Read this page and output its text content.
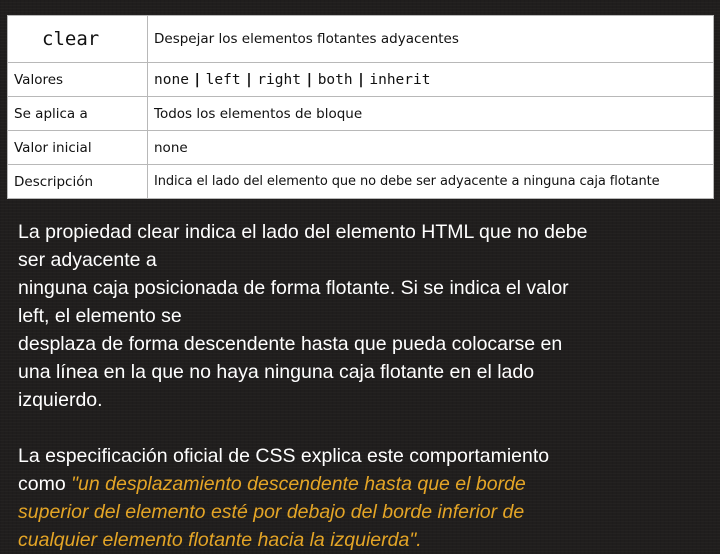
clear	Despejar los elementos flotantes adyacentes
Valores	none | left | right | both | inherit
Se aplica a	Todos los elementos de bloque
Valor inicial	none
Descripción	Indica el lado del elemento que no debe ser adyacente a ninguna caja flotante
La propiedad clear indica el lado del elemento HTML que no debe
ser adyacente a
ninguna caja posicionada de forma flotante. Si se indica el valor
left, el elemento se
desplaza de forma descendente hasta que pueda colocarse en
una línea en la que no haya ninguna caja flotante en el lado
izquierdo.
La especificación oficial de CSS explica este comportamiento
como "un desplazamiento descendente hasta que el borde
superior del elemento esté por debajo del borde inferior de
cualquier elemento flotante hacia la izquierda".
